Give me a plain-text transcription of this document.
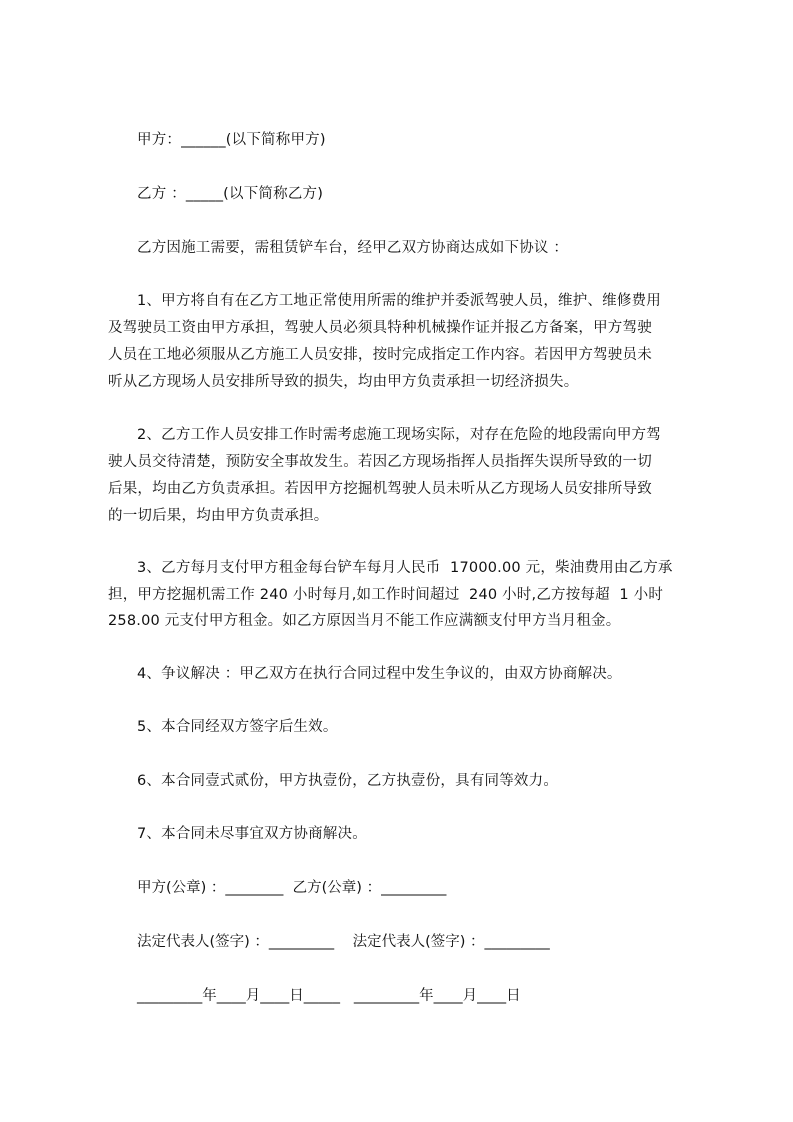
甲方：______(以下简称甲方)
乙方 ：_____(以下简称乙方)
乙方因施工需要，需租赁铲车台，经甲乙双方协商达成如下协议 ：
1、甲方将自有在乙方工地正常使用所需的维护并委派驾驶人员，维护、维修费用
及驾驶员工资由甲方承担，驾驶人员必须具特种机械操作证并报乙方备案，甲方驾驶
人员在工地必须服从乙方施工人员安排，按时完成指定工作内容。若因甲方驾驶员未
听从乙方现场人员安排所导致的损失，均由甲方负责承担一切经济损失。
2、乙方工作人员安排工作时需考虑施工现场实际，对存在危险的地段需向甲方驾
驶人员交待清楚，预防安全事故发生。若因乙方现场指挥人员指挥失误所导致的一切
后果，均由乙方负责承担。若因甲方挖掘机驾驶人员未听从乙方现场人员安排所导致
的一切后果，均由甲方负责承担。
3、乙方每月支付甲方租金每台铲车每月人民币  17000.00 元，柴油费用由乙方承
担，甲方挖掘机需工作 240 小时每月,如工作时间超过  240 小时,乙方按每超  1 小时
258.00 元支付甲方租金。如乙方原因当月不能工作应满额支付甲方当月租金。
4、争议解决 ：甲乙双方在执行合同过程中发生争议的，由双方协商解决。
5、本合同经双方签字后生效。
6、本合同壹式贰份，甲方执壹份，乙方执壹份，具有同等效力。
7、本合同未尽事宜双方协商解决。
甲方(公章) ：________  乙方(公章) ：_________
法定代表人(签字) ：_________    法定代表人(签字) ：_________
_________年____月____日_____   _________年____月____日
